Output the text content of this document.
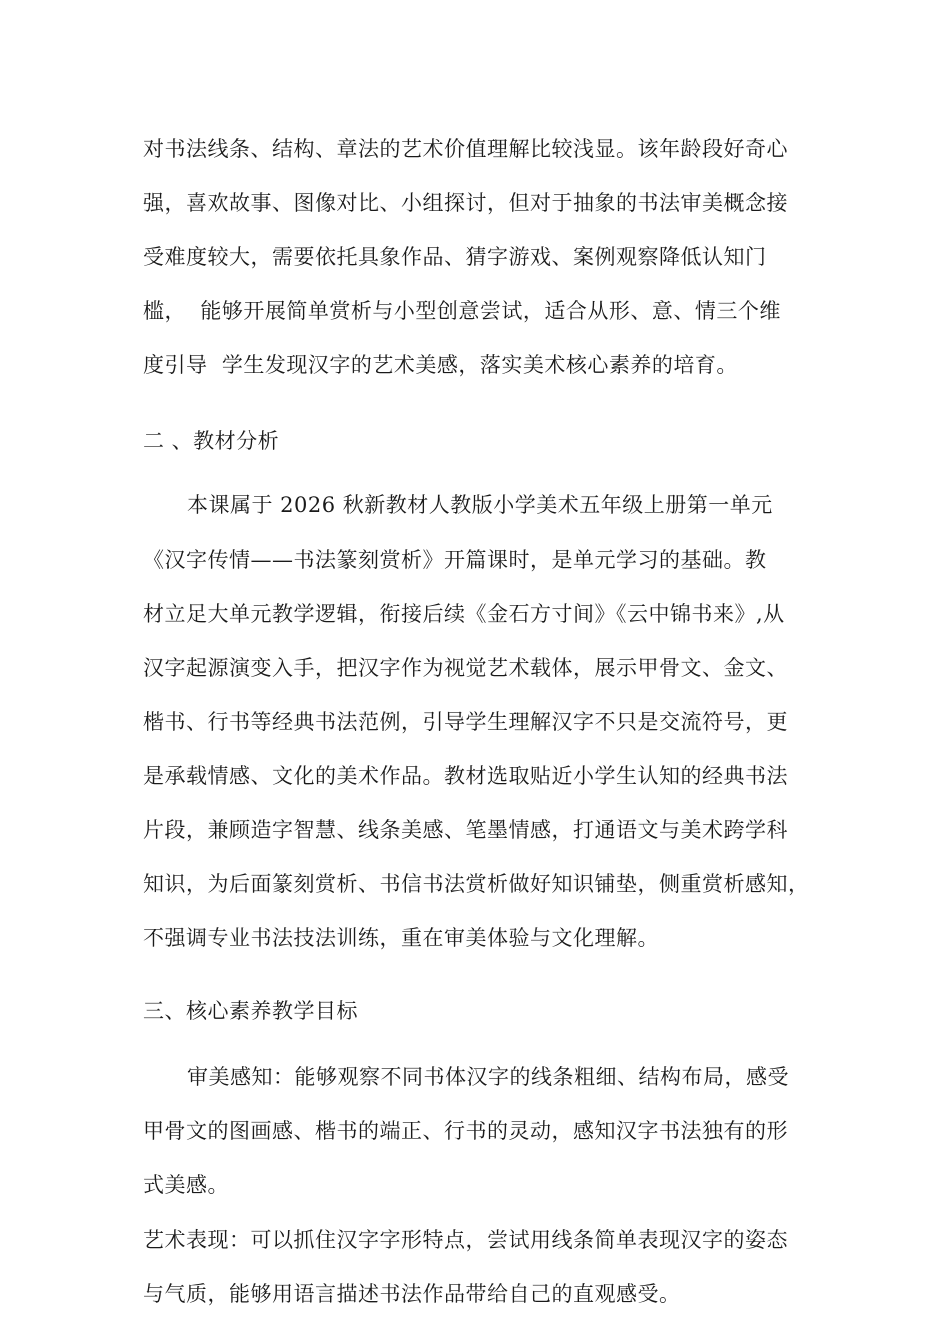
对书法线条、结构、章法的艺术价值理解比较浅显。该年龄段好奇心
强，喜欢故事、图像对比、小组探讨，但对于抽象的书法审美概念接
受难度较大，需要依托具象作品、猜字游戏、案例观察降低认知门
槛，  能够开展简单赏析与小型创意尝试，适合从形、意、情三个维
度引导  学生发现汉字的艺术美感，落实美术核心素养的培育。
二 、教材分析
本课属于 2026 秋新教材人教版小学美术五年级上册第一单元
《汉字传情——书法篆刻赏析》开篇课时，是单元学习的基础。教
材立足大单元教学逻辑，衔接后续《金石方寸间》《云中锦书来》,从
汉字起源演变入手，把汉字作为视觉艺术载体，展示甲骨文、金文、
楷书、行书等经典书法范例，引导学生理解汉字不只是交流符号，更
是承载情感、文化的美术作品。教材选取贴近小学生认知的经典书法
片段，兼顾造字智慧、线条美感、笔墨情感，打通语文与美术跨学科
知识，为后面篆刻赏析、书信书法赏析做好知识铺垫，侧重赏析感知，
不强调专业书法技法训练，重在审美体验与文化理解。
三、核心素养教学目标
审美感知：能够观察不同书体汉字的线条粗细、结构布局，感受
甲骨文的图画感、楷书的端正、行书的灵动，感知汉字书法独有的形
式美感。
艺术表现：可以抓住汉字字形特点，尝试用线条简单表现汉字的姿态
与气质，能够用语言描述书法作品带给自己的直观感受。
